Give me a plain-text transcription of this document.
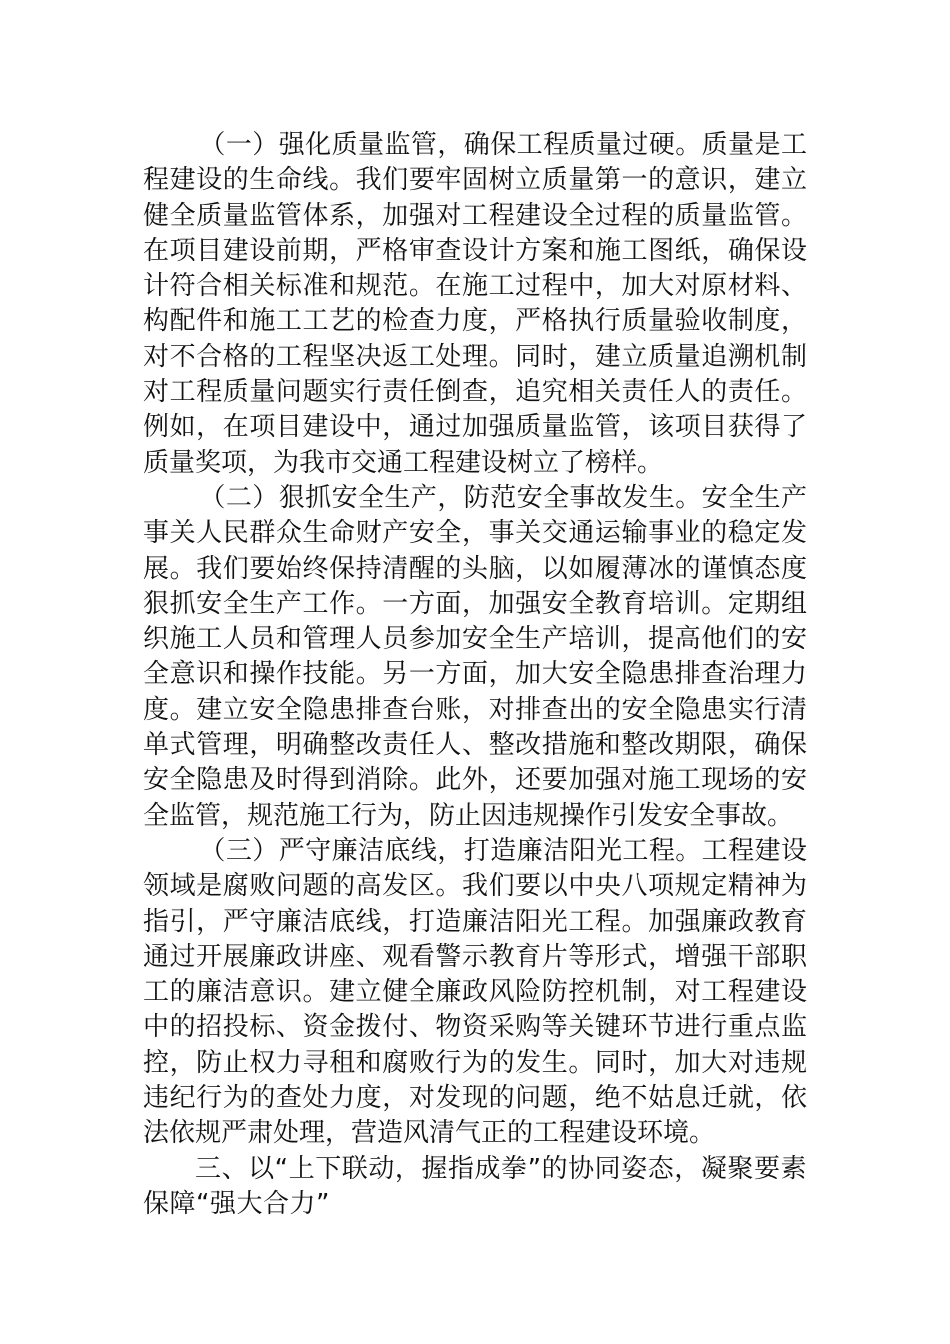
（一）强化质量监管，确保工程质量过硬。质量是工程建设的生命线。我们要牢固树立质量第一的意识，建立健全质量监管体系，加强对工程建设全过程的质量监管。在项目建设前期，严格审查设计方案和施工图纸，确保设计符合相关标准和规范。在施工过程中，加大对原材料、构配件和施工工艺的检查力度，严格执行质量验收制度，对不合格的工程坚决返工处理。同时，建立质量追溯机制对工程质量问题实行责任倒查，追究相关责任人的责任。例如，在项目建设中，通过加强质量监管，该项目获得了质量奖项，为我市交通工程建设树立了榜样。

（二）狠抓安全生产，防范安全事故发生。安全生产事关人民群众生命财产安全，事关交通运输事业的稳定发展。我们要始终保持清醒的头脑，以如履薄冰的谨慎态度狠抓安全生产工作。一方面，加强安全教育培训。定期组织施工人员和管理人员参加安全生产培训，提高他们的安全意识和操作技能。另一方面，加大安全隐患排查治理力度。建立安全隐患排查台账，对排查出的安全隐患实行清单式管理，明确整改责任人、整改措施和整改期限，确保安全隐患及时得到消除。此外，还要加强对施工现场的安全监管，规范施工行为，防止因违规操作引发安全事故。

（三）严守廉洁底线，打造廉洁阳光工程。工程建设领域是腐败问题的高发区。我们要以中央八项规定精神为指引，严守廉洁底线，打造廉洁阳光工程。加强廉政教育通过开展廉政讲座、观看警示教育片等形式，增强干部职工的廉洁意识。建立健全廉政风险防控机制，对工程建设中的招投标、资金拨付、物资采购等关键环节进行重点监控，防止权力寻租和腐败行为的发生。同时，加大对违规违纪行为的查处力度，对发现的问题，绝不姑息迁就，依法依规严肃处理，营造风清气正的工程建设环境。

三、以“上下联动，握指成拳”的协同姿态，凝聚要素保障“强大合力”
